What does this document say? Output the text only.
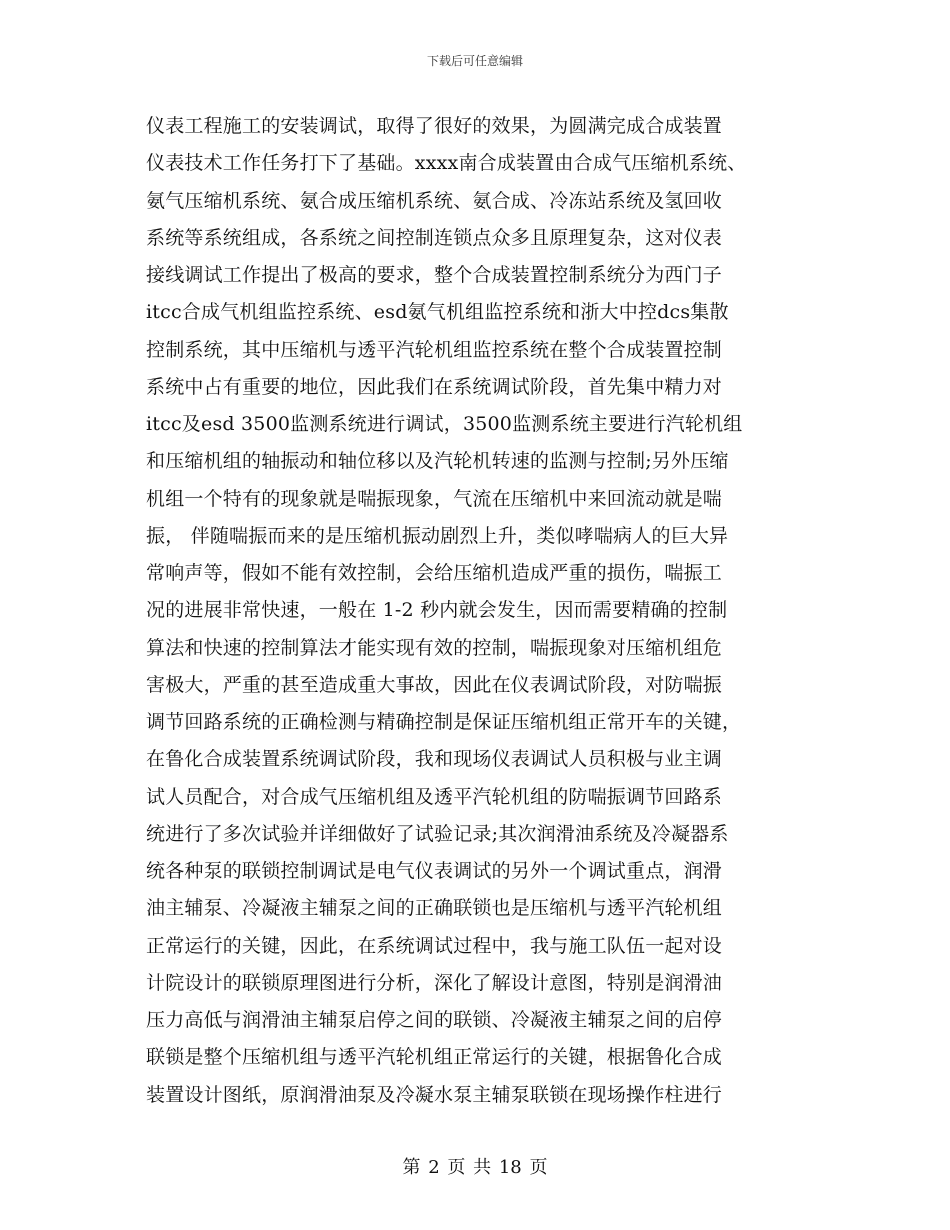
下载后可任意编辑
仪表工程施工的安装调试，取得了很好的效果，为圆满完成合成装置
仪表技术工作任务打下了基础。xxxx南合成装置由合成气压缩机系统、
氨气压缩机系统、氨合成压缩机系统、氨合成、冷冻站系统及氢回收
系统等系统组成，各系统之间控制连锁点众多且原理复杂，这对仪表
接线调试工作提出了极高的要求，整个合成装置控制系统分为西门子
itcc合成气机组监控系统、esd氨气机组监控系统和浙大中控dcs集散
控制系统，其中压缩机与透平汽轮机组监控系统在整个合成装置控制
系统中占有重要的地位，因此我们在系统调试阶段，首先集中精力对
itcc及esd 3500监测系统进行调试，3500监测系统主要进行汽轮机组
和压缩机组的轴振动和轴位移以及汽轮机转速的监测与控制;另外压缩
机组一个特有的现象就是喘振现象，气流在压缩机中来回流动就是喘
振， 伴随喘振而来的是压缩机振动剧烈上升，类似哮喘病人的巨大异
常响声等，假如不能有效控制，会给压缩机造成严重的损伤，喘振工
况的进展非常快速，一般在 1-2 秒内就会发生，因而需要精确的控制
算法和快速的控制算法才能实现有效的控制，喘振现象对压缩机组危
害极大，严重的甚至造成重大事故，因此在仪表调试阶段，对防喘振
调节回路系统的正确检测与精确控制是保证压缩机组正常开车的关键，
在鲁化合成装置系统调试阶段，我和现场仪表调试人员积极与业主调
试人员配合，对合成气压缩机组及透平汽轮机组的防喘振调节回路系
统进行了多次试验并详细做好了试验记录;其次润滑油系统及冷凝器系
统各种泵的联锁控制调试是电气仪表调试的另外一个调试重点，润滑
油主辅泵、冷凝液主辅泵之间的正确联锁也是压缩机与透平汽轮机组
正常运行的关键，因此，在系统调试过程中，我与施工队伍一起对设
计院设计的联锁原理图进行分析，深化了解设计意图，特别是润滑油
压力高低与润滑油主辅泵启停之间的联锁、冷凝液主辅泵之间的启停
联锁是整个压缩机组与透平汽轮机组正常运行的关键，根据鲁化合成
装置设计图纸，原润滑油泵及冷凝水泵主辅泵联锁在现场操作柱进行
第 2 页 共 18 页
